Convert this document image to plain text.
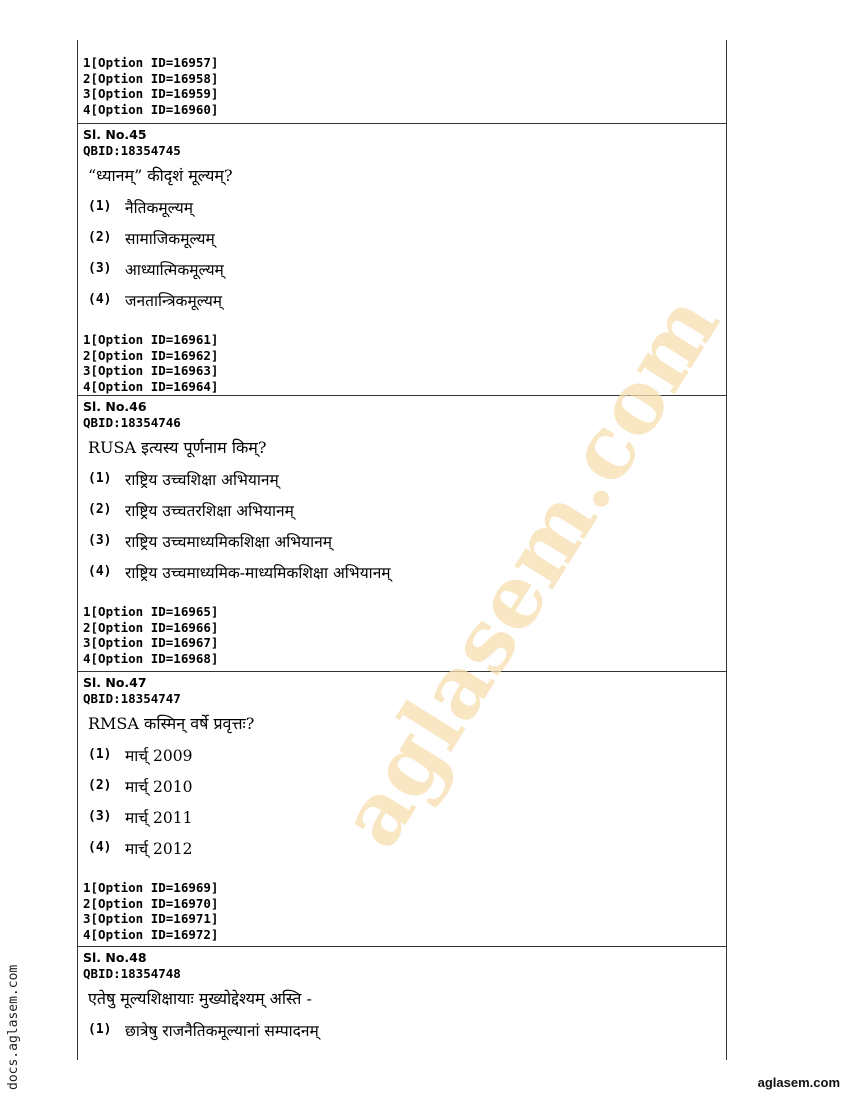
1[Option ID=16957]
2[Option ID=16958]
3[Option ID=16959]
4[Option ID=16960]
Sl. No.45
QBID:18354745
“ध्यानम्” कीदृशं मूल्यम्?
(1) नैतिकमूल्यम्
(2) सामाजिकमूल्यम्
(3) आध्यात्मिकमूल्यम्
(4) जनतान्त्रिकमूल्यम्
1[Option ID=16961]
2[Option ID=16962]
3[Option ID=16963]
4[Option ID=16964]
Sl. No.46
QBID:18354746
RUSA इत्यस्य पूर्णनाम किम्?
(1) राष्ट्रिय उच्चशिक्षा अभियानम्
(2) राष्ट्रिय उच्चतरशिक्षा अभियानम्
(3) राष्ट्रिय उच्चमाध्यमिकशिक्षा अभियानम्
(4) राष्ट्रिय उच्चमाध्यमिक-माध्यमिकशिक्षा अभियानम्
1[Option ID=16965]
2[Option ID=16966]
3[Option ID=16967]
4[Option ID=16968]
Sl. No.47
QBID:18354747
RMSA कस्मिन् वर्षे प्रवृत्तः?
(1) मार्च् 2009
(2) मार्च् 2010
(3) मार्च् 2011
(4) मार्च् 2012
1[Option ID=16969]
2[Option ID=16970]
3[Option ID=16971]
4[Option ID=16972]
Sl. No.48
QBID:18354748
एतेषु मूल्यशिक्षायाः मुख्योद्देश्यम् अस्ति -
(1) छात्रेषु राजनैतिकमूल्यानां सम्पादनम्
aglasem.com
docs.aglasem.com	aglasem.com
